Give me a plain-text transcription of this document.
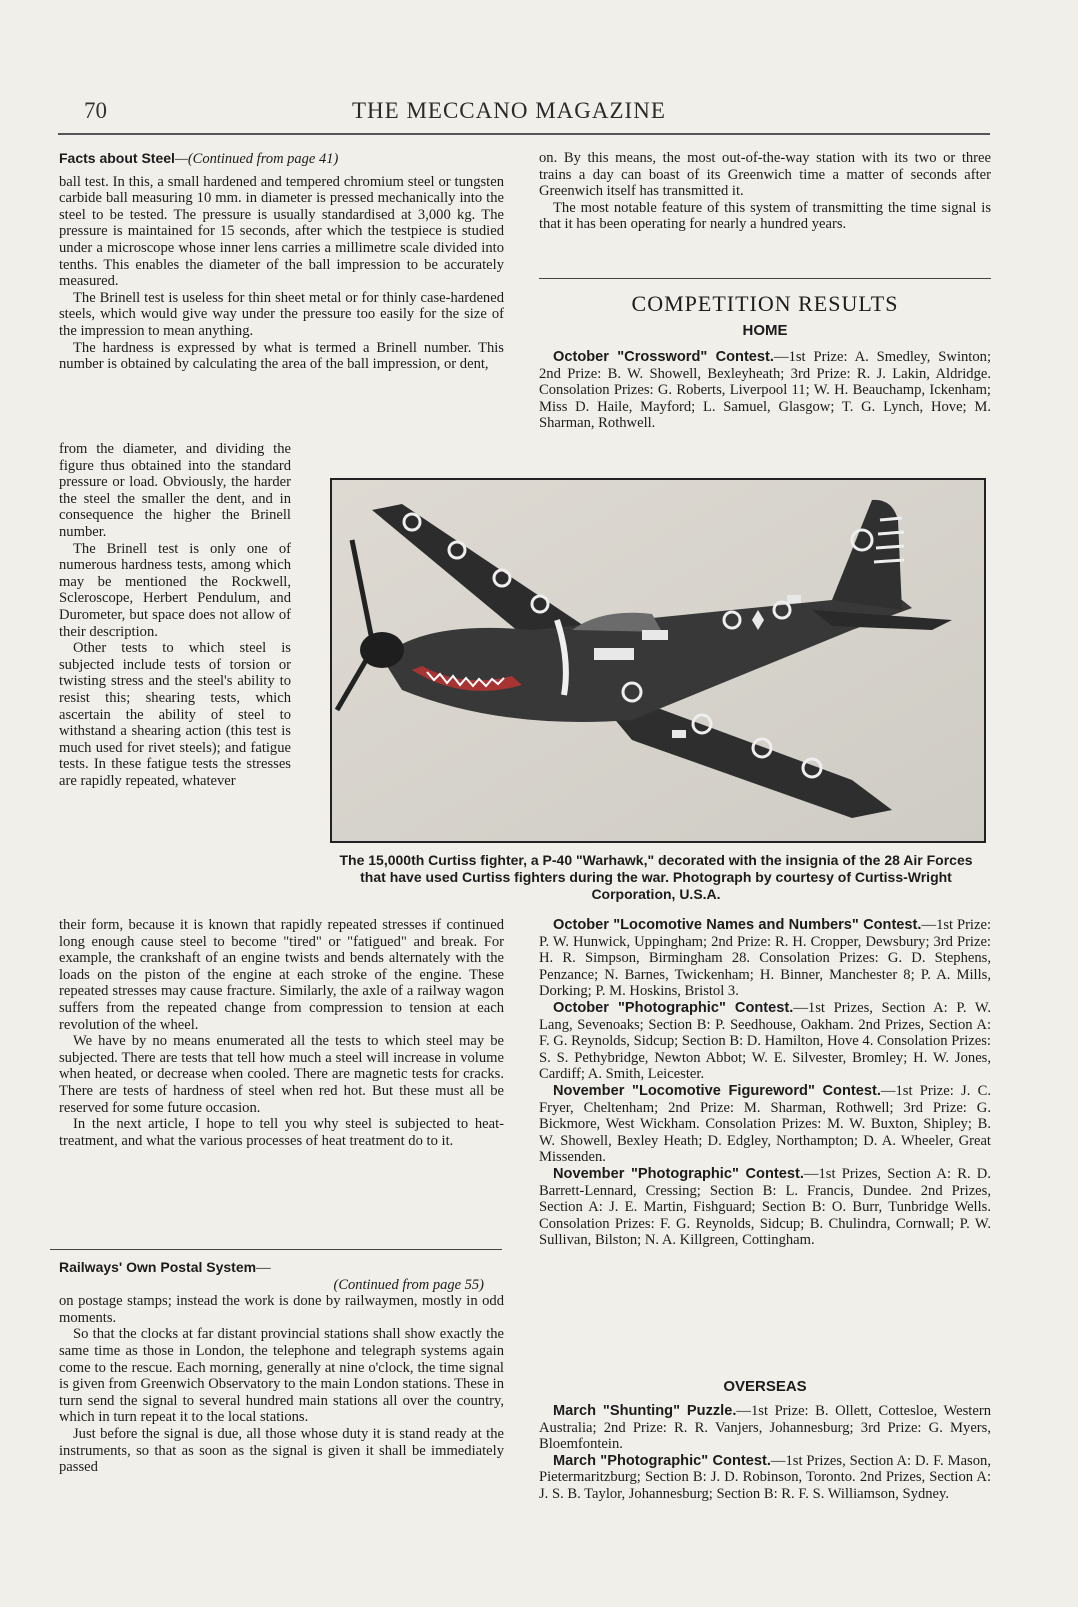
70	THE MECCANO MAGAZINE
Facts about Steel—(Continued from page 41)

ball test. In this, a small hardened and tempered chromium steel or tungsten carbide ball measuring 10 mm. in diameter is pressed mechanically into the steel to be tested. The pressure is usually standardised at 3,000 kg. The pressure is maintained for 15 seconds, after which the testpiece is studied under a microscope whose inner lens carries a millimetre scale divided into tenths. This enables the diameter of the ball impression to be accurately measured.

The Brinell test is useless for thin sheet metal or for thinly case-hardened steels, which would give way under the pressure too easily for the size of the impression to mean anything.

The hardness is expressed by what is termed a Brinell number. This number is obtained by calculating the area of the ball impression, or dent,

from the diameter, and dividing the figure thus obtained into the standard pressure or load. Obviously, the harder the steel the smaller the dent, and in consequence the higher the Brinell number.

The Brinell test is only one of numerous hardness tests, among which may be mentioned the Rockwell, Scleroscope, Herbert Pendulum, and Durometer, but space does not allow of their description.

Other tests to which steel is subjected include tests of torsion or twisting stress and the steel's ability to resist this; shearing tests, which ascertain the ability of steel to withstand a shearing action (this test is much used for rivet steels); and fatigue tests. In these fatigue tests the stresses are rapidly repeated, whatever

their form, because it is known that rapidly repeated stresses if continued long enough cause steel to become "tired" or "fatigued" and break. For example, the crankshaft of an engine twists and bends alternately with the loads on the piston of the engine at each stroke of the engine. These repeated stresses may cause fracture. Similarly, the axle of a railway wagon suffers from the repeated change from compression to tension at each revolution of the wheel.

We have by no means enumerated all the tests to which steel may be subjected. There are tests that tell how much a steel will increase in volume when heated, or decrease when cooled. There are magnetic tests for cracks. There are tests of hardness of steel when red hot. But these must all be reserved for some future occasion.

In the next article, I hope to tell you why steel is subjected to heat-treatment, and what the various processes of heat treatment do to it.

Railways' Own Postal System—
(Continued from page 55)

on postage stamps; instead the work is done by railwaymen, mostly in odd moments.

So that the clocks at far distant provincial stations shall show exactly the same time as those in London, the telephone and telegraph systems again come to the rescue. Each morning, generally at nine o'clock, the time signal is given from Greenwich Observatory to the main London stations. These in turn send the signal to several hundred main stations all over the country, which in turn repeat it to the local stations.

Just before the signal is due, all those whose duty it is stand ready at the instruments, so that as soon as the signal is given it shall be immediately passed

on. By this means, the most out-of-the-way station with its two or three trains a day can boast of its Greenwich time a matter of seconds after Greenwich itself has transmitted it.

The most notable feature of this system of transmitting the time signal is that it has been operating for nearly a hundred years.

COMPETITION RESULTS
HOME

October "Crossword" Contest.—1st Prize: A. Smedley, Swinton; 2nd Prize: B. W. Showell, Bexleyheath; 3rd Prize: R. J. Lakin, Aldridge. Consolation Prizes: G. Roberts, Liverpool 11; W. H. Beauchamp, Ickenham; Miss D. Haile, Mayford; L. Samuel, Glasgow; T. G. Lynch, Hove; M. Sharman, Rothwell.

The 15,000th Curtiss fighter, a P-40 "Warhawk," decorated with the insignia of the 28 Air Forces that have used Curtiss fighters during the war. Photograph by courtesy of Curtiss-Wright Corporation, U.S.A.

October "Locomotive Names and Numbers" Contest.—1st Prize: P. W. Hunwick, Uppingham; 2nd Prize: R. H. Cropper, Dewsbury; 3rd Prize: H. R. Simpson, Birmingham 28. Consolation Prizes: G. D. Stephens, Penzance; N. Barnes, Twickenham; H. Binner, Manchester 8; P. A. Mills, Dorking; P. M. Hoskins, Bristol 3.

October "Photographic" Contest.—1st Prizes, Section A: P. W. Lang, Sevenoaks; Section B: P. Seedhouse, Oakham. 2nd Prizes, Section A: F. G. Reynolds, Sidcup; Section B: D. Hamilton, Hove 4. Consolation Prizes: S. S. Pethybridge, Newton Abbot; W. E. Silvester, Bromley; H. W. Jones, Cardiff; A. Smith, Leicester.

November "Locomotive Figureword" Contest.—1st Prize: J. C. Fryer, Cheltenham; 2nd Prize: M. Sharman, Rothwell; 3rd Prize: G. Bickmore, West Wickham. Consolation Prizes: M. W. Buxton, Shipley; B. W. Showell, Bexley Heath; D. Edgley, Northampton; D. A. Wheeler, Great Missenden.

November "Photographic" Contest.—1st Prizes, Section A: R. D. Barrett-Lennard, Cressing; Section B: L. Francis, Dundee. 2nd Prizes, Section A: J. E. Martin, Fishguard; Section B: O. Burr, Tunbridge Wells. Consolation Prizes: F. G. Reynolds, Sidcup; B. Chulindra, Cornwall; P. W. Sullivan, Bilston; N. A. Killgreen, Cottingham.

OVERSEAS

March "Shunting" Puzzle.—1st Prize: B. Ollett, Cottesloe, Western Australia; 2nd Prize: R. R. Vanjers, Johannesburg; 3rd Prize: G. Myers, Bloemfontein.

March "Photographic" Contest.—1st Prizes, Section A: D. F. Mason, Pietermaritzburg; Section B: J. D. Robinson, Toronto. 2nd Prizes, Section A: J. S. B. Taylor, Johannesburg; Section B: R. F. S. Williamson, Sydney.
